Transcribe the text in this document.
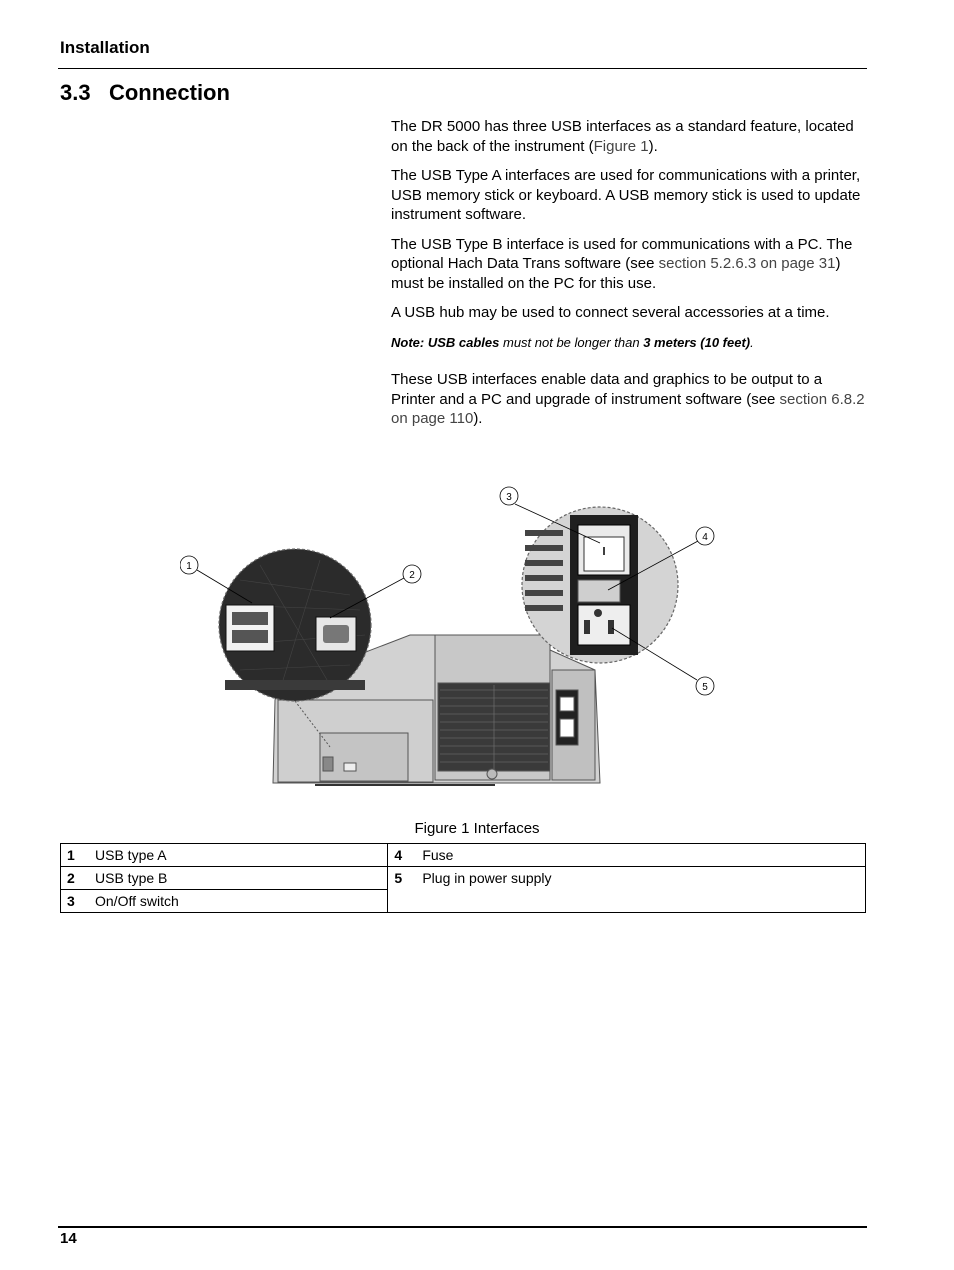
Installation
3.3 Connection

The DR 5000 has three USB interfaces as a standard feature, located on the back of the instrument (Figure 1).

The USB Type A interfaces are used for communications with a printer, USB memory stick or keyboard. A USB memory stick is used to update instrument software.

The USB Type B interface is used for communications with a PC. The optional Hach Data Trans software (see section 5.2.6.3 on page 31) must be installed on the PC for this use.

A USB hub may be used to connect several accessories at a time.

Note: USB cables must not be longer than 3 meters (10 feet).

These USB interfaces enable data and graphics to be output to a Printer and a PC and upgrade of instrument software (see section 6.8.2 on page 110).

1
2
3
4
5
Figure 1 Interfaces
1	USB type A	4	Fuse
2	USB type B	5	Plug in power supply
3	On/Off switch		
14
